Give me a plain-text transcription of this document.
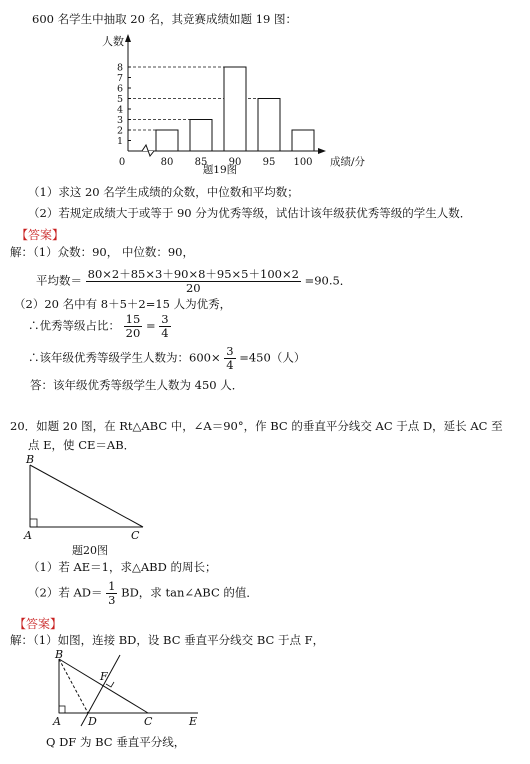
600 名学生中抽取 20 名，其竞赛成绩如题 19 图：
1
2
3
4
5
6
7
8
80 85 90 95 100
0
人数
成绩/分
题19图
（1）求这 20 名学生成绩的众数，中位数和平均数；
（2）若规定成绩大于或等于 90 分为优秀等级，试估计该年级获优秀等级的学生人数．
【答案】
解：（1）众数：90， 中位数：90，
平均数＝ $\frac{80\times 2+85\times 3+90\times 8+95\times 5+100\times 2}{20} =90.5$．
（2）20 名中有 8＋5＋2=15 人为优秀，
∴优秀等级占比： $\frac{15}{20} = \frac{3}{4}$
∴该年级优秀等级学生人数为：$600\times \frac{3}{4} =450$（人）
答：该年级优秀等级学生人数为 450 人．
20．如题 20 图，在 Rt△ABC 中，∠A＝90°，作 BC 的垂直平分线交 AC 于点 D，延长 AC 至
点 E，使 CE＝AB．
B
A	C
题20图
（1）若 AE＝1，求△ABD 的周长；
（2）若 $AD= \frac{1}{3}$ BD，求 tan∠ABC 的值．
【答案】
解：（1）如图，连接 BD，设 BC 垂直平分线交 BC 于点 F，
B
F
A D	C	E
Q DF 为 BC 垂直平分线，
